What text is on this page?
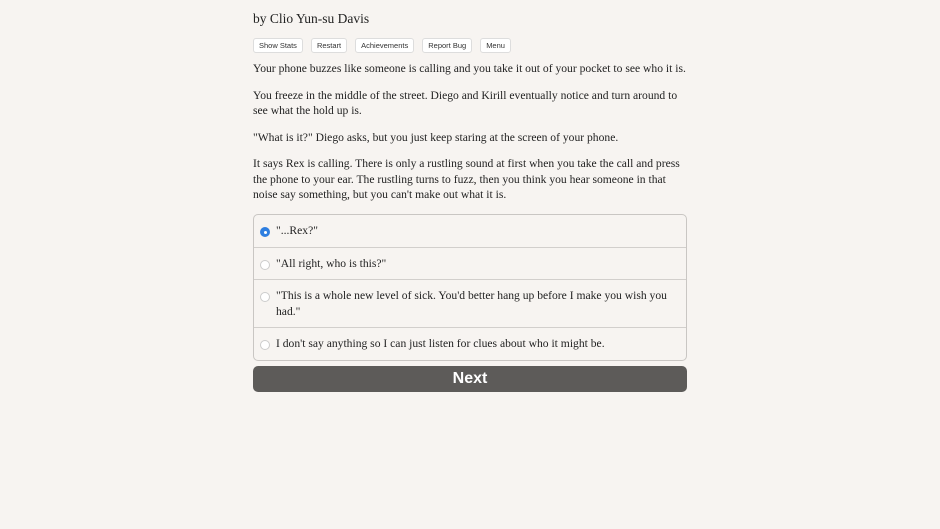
by Clio Yun-su Davis
Show Stats	Restart	Achievements	Report Bug	Menu

Your phone buzzes like someone is calling and you take it out of your pocket to see who it is.

You freeze in the middle of the street. Diego and Kirill eventually notice and turn around to see what the hold up is.

"What is it?" Diego asks, but you just keep staring at the screen of your phone.

It says Rex is calling. There is only a rustling sound at first when you take the call and press the phone to your ear. The rustling turns to fuzz, then you think you hear someone in that noise say something, but you can't make out what it is.

"...Rex?"
"All right, who is this?"
"This is a whole new level of sick. You'd better hang up before I make you wish you had."
I don't say anything so I can just listen for clues about who it might be.
Next
